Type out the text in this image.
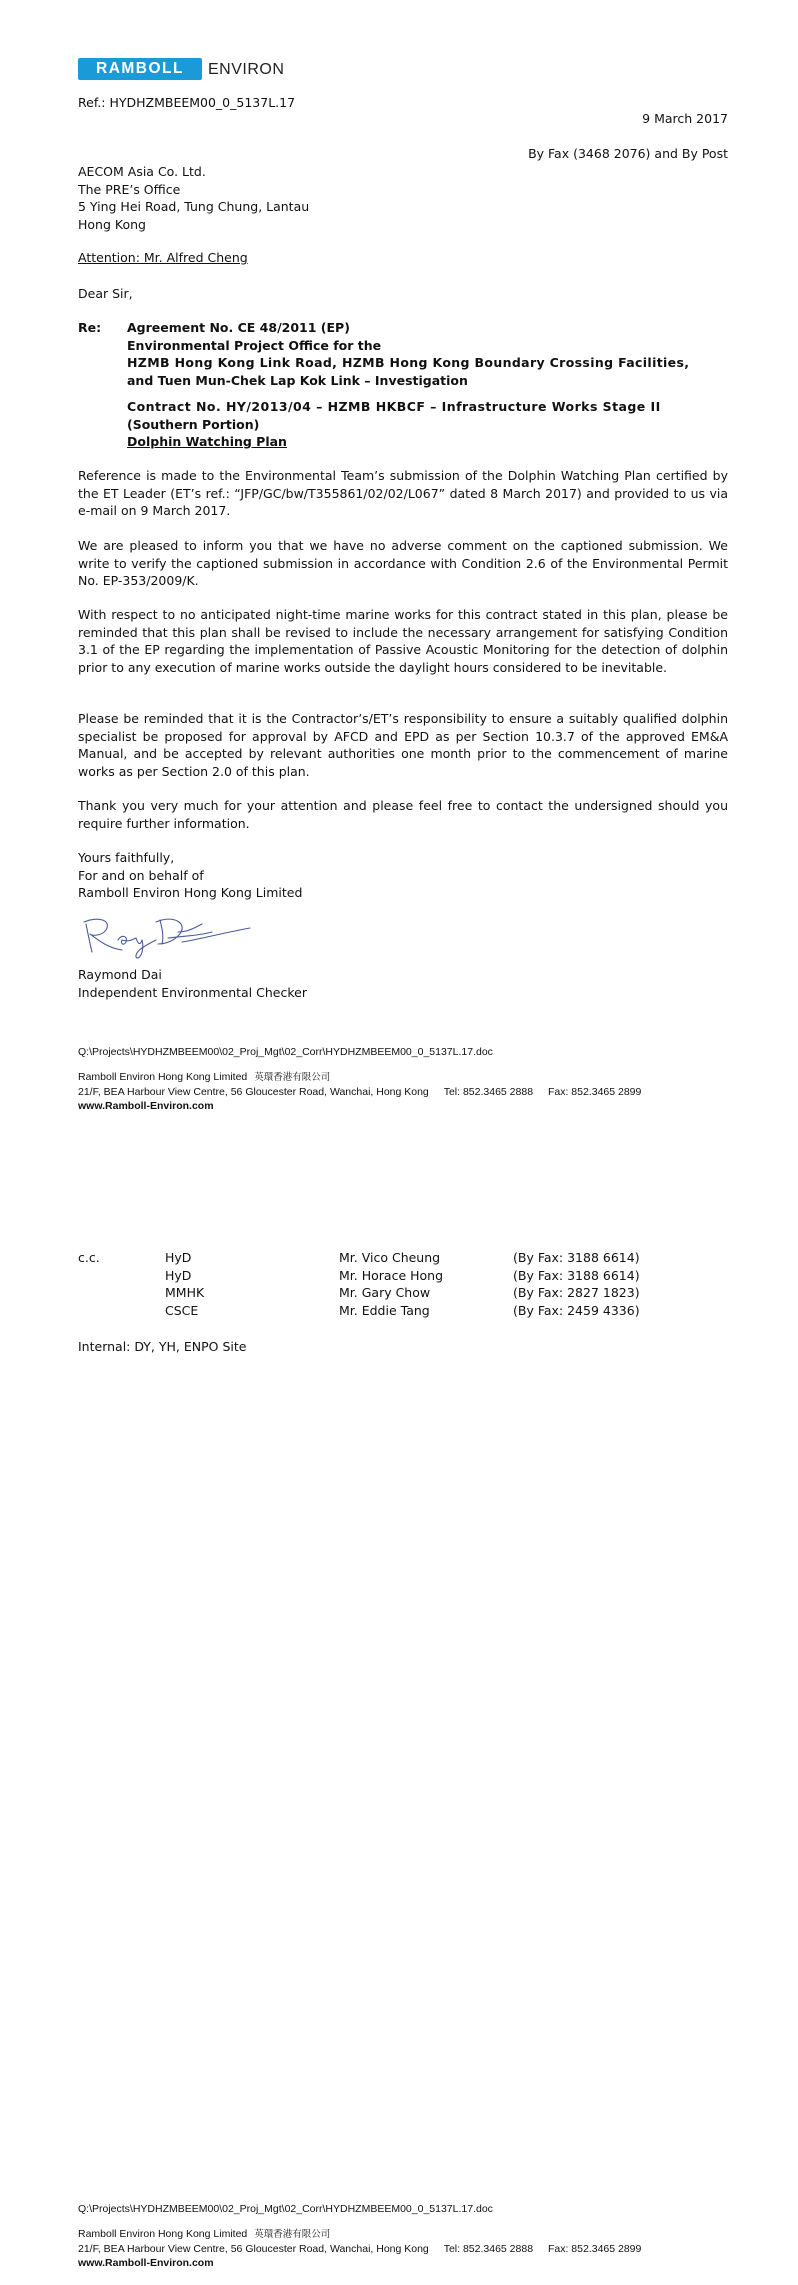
RAMBOLL	ENVIRON
Ref.: HYDHZMBEEM00_0_5137L.17
9 March 2017
By Fax (3468 2076) and By Post
AECOM Asia Co. Ltd.
The PRE’s Office
5 Ying Hei Road, Tung Chung, Lantau
Hong Kong
Attention: Mr. Alfred Cheng
Dear Sir,
Re: Agreement No. CE 48/2011 (EP)
Environmental Project Office for the
HZMB Hong Kong Link Road, HZMB Hong Kong Boundary Crossing Facilities,
and Tuen Mun-Chek Lap Kok Link – Investigation
Contract No. HY/2013/04 – HZMB HKBCF – Infrastructure Works Stage II
(Southern Portion)
Dolphin Watching Plan
Reference is made to the Environmental Team’s submission of the Dolphin Watching Plan certified by the ET Leader (ET’s ref.: “JFP/GC/bw/T355861/02/02/L067” dated 8 March 2017) and provided to us via e-mail on 9 March 2017.
We are pleased to inform you that we have no adverse comment on the captioned submission. We write to verify the captioned submission in accordance with Condition 2.6 of the Environmental Permit No. EP-353/2009/K.
With respect to no anticipated night-time marine works for this contract stated in this plan, please be reminded that this plan shall be revised to include the necessary arrangement for satisfying Condition 3.1 of the EP regarding the implementation of Passive Acoustic Monitoring for the detection of dolphin prior to any execution of marine works outside the daylight hours considered to be inevitable.
Please be reminded that it is the Contractor’s/ET’s responsibility to ensure a suitably qualified dolphin specialist be proposed for approval by AFCD and EPD as per Section 10.3.7 of the approved EM&A Manual, and be accepted by relevant authorities one month prior to the commencement of marine works as per Section 2.0 of this plan.
Thank you very much for your attention and please feel free to contact the undersigned should you require further information.
Yours faithfully,
For and on behalf of
Ramboll Environ Hong Kong Limited
Raymond Dai
Independent Environmental Checker
Q:\Projects\HYDHZMBEEM00\02_Proj_Mgt\02_Corr\HYDHZMBEEM00_0_5137L.17.doc
Ramboll Environ Hong Kong Limited 英環香港有限公司
21/F, BEA Harbour View Centre, 56 Gloucester Road, Wanchai, Hong Kong Tel: 852.3465 2888 Fax: 852.3465 2899
www.Ramboll-Environ.com
c.c.	HyD
HyD
MMHK
CSCE
Mr. Vico Cheung
Mr. Horace Hong
Mr. Gary Chow
Mr. Eddie Tang
(By Fax: 3188 6614)
(By Fax: 3188 6614)
(By Fax: 2827 1823)
(By Fax: 2459 4336)
Internal: DY, YH, ENPO Site
Q:\Projects\HYDHZMBEEM00\02_Proj_Mgt\02_Corr\HYDHZMBEEM00_0_5137L.17.doc
Ramboll Environ Hong Kong Limited 英環香港有限公司
21/F, BEA Harbour View Centre, 56 Gloucester Road, Wanchai, Hong Kong Tel: 852.3465 2888 Fax: 852.3465 2899
www.Ramboll-Environ.com
